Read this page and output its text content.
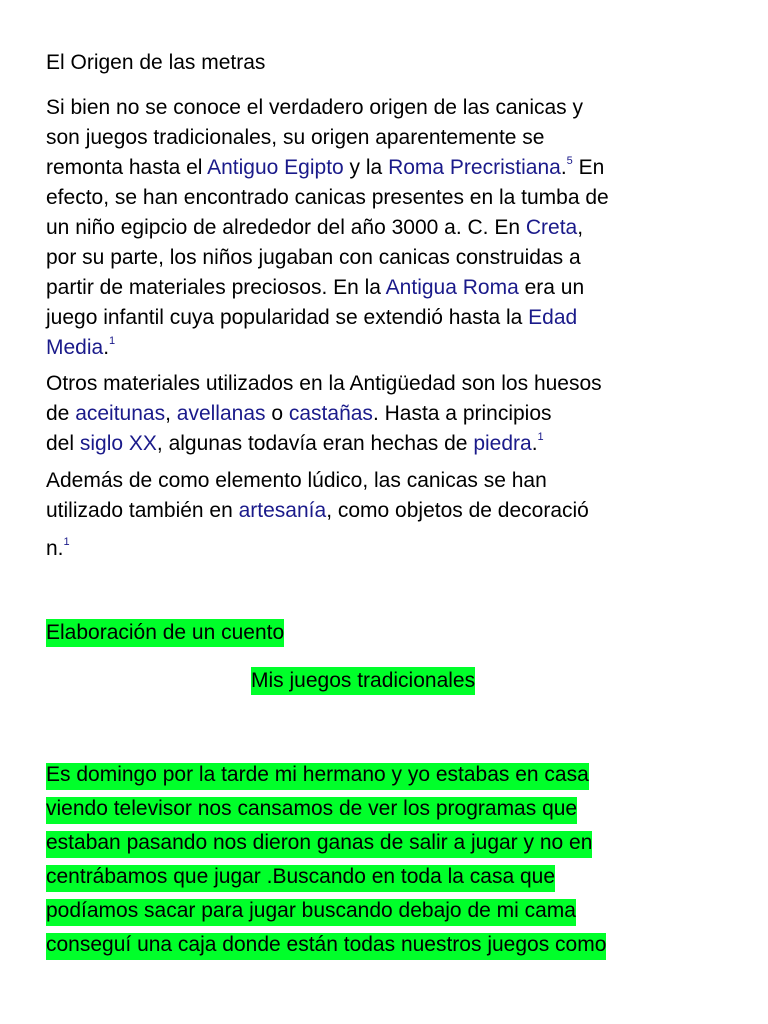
El Origen de las metras
Si bien no se conoce el verdadero origen de las canicas y
son juegos tradicionales, su origen aparentemente se
remonta hasta el Antiguo Egipto y la Roma Precristiana.$^5$ En
efecto, se han encontrado canicas presentes en la tumba de
un niño egipcio de alrededor del año 3000 a. C. En Creta,
por su parte, los niños jugaban con canicas construidas a
partir de materiales preciosos. En la Antigua Roma era un
juego infantil cuya popularidad se extendió hasta la Edad
Media.$^1$
Otros materiales utilizados en la Antigüedad son los huesos
de aceitunas, avellanas o castañas. Hasta a principios
del siglo XX, algunas todavía eran hechas de piedra.$^1$
Además de como elemento lúdico, las canicas se han
utilizado también en artesanía, como objetos de decoració
n.$^1$
Elaboración de un cuento
Mis juegos tradicionales
Es domingo por la tarde mi hermano y yo estabas en casa
viendo televisor nos cansamos de ver los programas que
estaban pasando nos dieron ganas de salir a jugar y no en
centrábamos que jugar .Buscando en toda la casa que
podíamos sacar para jugar buscando debajo de mi cama
conseguí una caja donde están todas nuestros juegos como
